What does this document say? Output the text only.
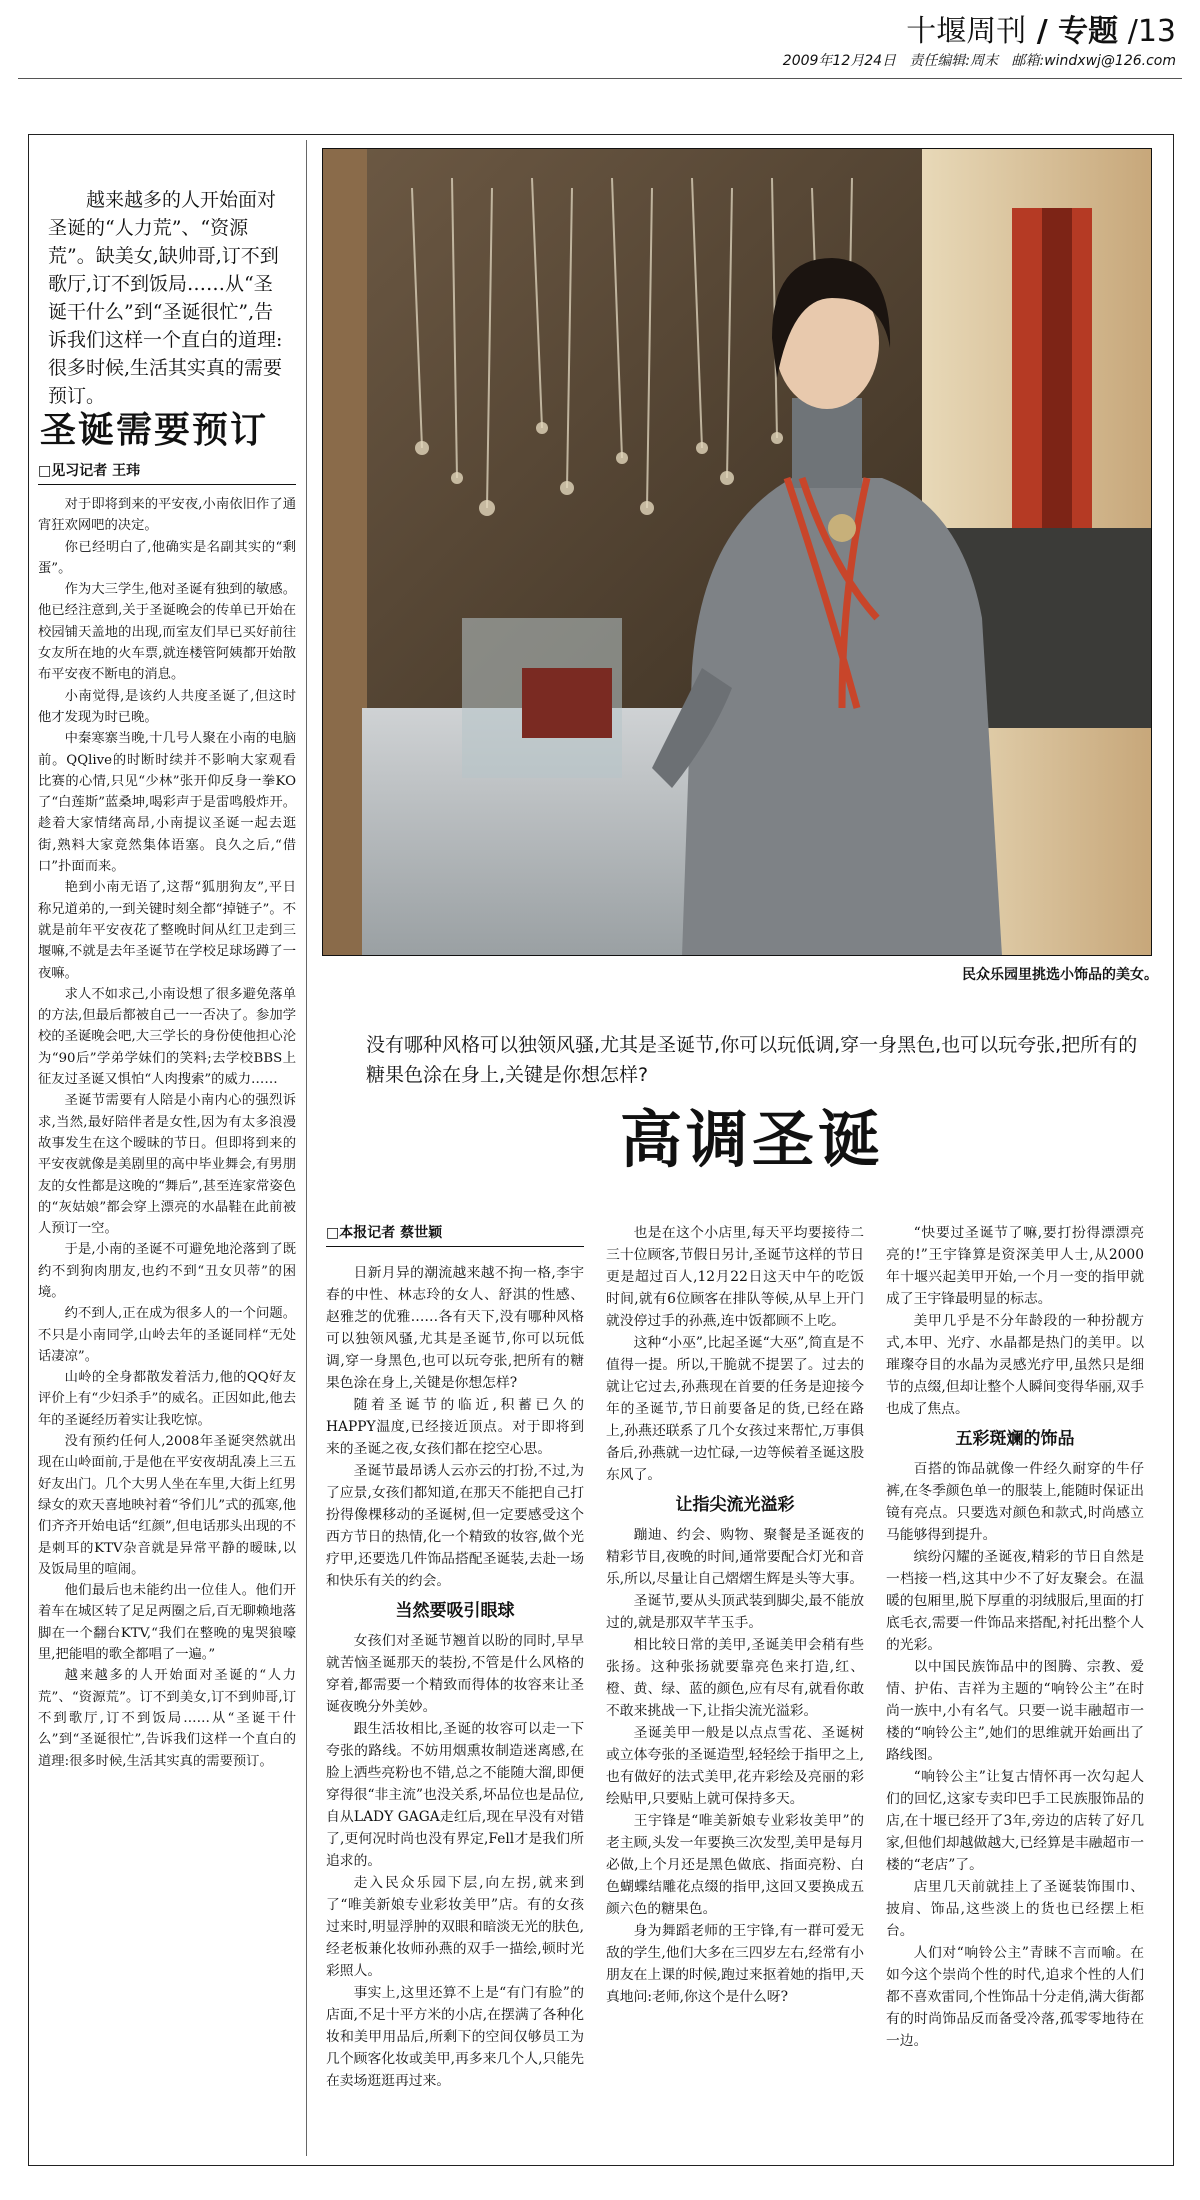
十堰周刊 / 专题 /13
2009年12月24日 责任编辑:周末 邮箱:windxwj@126.com
越来越多的人开始面对圣诞的“人力荒”、“资源荒”。缺美女,缺帅哥,订不到歌厅,订不到饭局……从“圣诞干什么”到“圣诞很忙”,告诉我们这样一个直白的道理:很多时候,生活其实真的需要预订。
圣诞需要预订
□见习记者 王玮

对于即将到来的平安夜,小南依旧作了通宵狂欢网吧的决定。

你已经明白了,他确实是名副其实的“剩蛋”。

作为大三学生,他对圣诞有独到的敏感。他已经注意到,关于圣诞晚会的传单已开始在校园铺天盖地的出现,而室友们早已买好前往女友所在地的火车票,就连楼管阿姨都开始散布平安夜不断电的消息。

小南觉得,是该约人共度圣诞了,但这时他才发现为时已晚。

中秦寒寨当晚,十几号人聚在小南的电脑前。QQlive的时断时续并不影响大家观看比赛的心情,只见“少林”张开仰反身一拳KO了“白莲斯”蓝桑坤,喝彩声于是雷鸣般炸开。趁着大家情绪高昂,小南提议圣诞一起去逛街,熟料大家竟然集体语塞。良久之后,“借口”扑面而来。

艳到小南无语了,这帮“狐朋狗友”,平日称兄道弟的,一到关键时刻全都“掉链子”。不就是前年平安夜花了整晚时间从红卫走到三堰嘛,不就是去年圣诞节在学校足球场蹲了一夜嘛。

求人不如求己,小南设想了很多避免落单的方法,但最后都被自己一一否决了。参加学校的圣诞晚会吧,大三学长的身份使他担心沦为“90后”学弟学妹们的笑料;去学校BBS上征友过圣诞又惧怕“人肉搜索”的威力……

圣诞节需要有人陪是小南内心的强烈诉求,当然,最好陪伴者是女性,因为有太多浪漫故事发生在这个暧昧的节日。但即将到来的平安夜就像是美剧里的高中毕业舞会,有男朋友的女性都是这晚的“舞后”,甚至连家常姿色的“灰姑娘”都会穿上漂亮的水晶鞋在此前被人预订一空。

于是,小南的圣诞不可避免地沦落到了既约不到狗肉朋友,也约不到“丑女贝蒂”的困境。

约不到人,正在成为很多人的一个问题。不只是小南同学,山岭去年的圣诞同样“无处话凄凉”。

山岭的全身都散发着活力,他的QQ好友评价上有“少妇杀手”的威名。正因如此,他去年的圣诞经历着实让我吃惊。

没有预约任何人,2008年圣诞突然就出现在山岭面前,于是他在平安夜胡乱凑上三五好友出门。几个大男人坐在车里,大街上红男绿女的欢天喜地映衬着“爷们儿”式的孤寒,他们齐齐开始电话“红颜”,但电话那头出现的不是刺耳的KTV杂音就是异常平静的暧昧,以及饭局里的喧闹。

他们最后也未能约出一位佳人。他们开着车在城区转了足足两圈之后,百无聊赖地落脚在一个翻台KTV,“我们在整晚的鬼哭狼嚎里,把能唱的歌全都唱了一遍。”

越来越多的人开始面对圣诞的“人力荒”、“资源荒”。订不到美女,订不到帅哥,订不到歌厅,订不到饭局……从“圣诞干什么”到“圣诞很忙”,告诉我们这样一个直白的道理:很多时候,生活其实真的需要预订。

民众乐园里挑选小饰品的美女。
没有哪种风格可以独领风骚,尤其是圣诞节,你可以玩低调,穿一身黑色,也可以玩夸张,把所有的糖果色涂在身上,关键是你想怎样?
高调圣诞
□本报记者 蔡世颖

日新月异的潮流越来越不拘一格,李宇春的中性、林志玲的女人、舒淇的性感、赵雅芝的优雅……各有天下,没有哪种风格可以独领风骚,尤其是圣诞节,你可以玩低调,穿一身黑色,也可以玩夸张,把所有的糖果色涂在身上,关键是你想怎样?

随着圣诞节的临近,积蓄已久的HAPPY温度,已经接近顶点。对于即将到来的圣诞之夜,女孩们都在挖空心思。

圣诞节最昂诱人云亦云的打扮,不过,为了应景,女孩们都知道,在那天不能把自己打扮得像棵移动的圣诞树,但一定要感受这个西方节日的热情,化一个精致的妆容,做个光疗甲,还要选几件饰品搭配圣诞装,去赴一场和快乐有关的约会。

当然要吸引眼球

女孩们对圣诞节翘首以盼的同时,早早就苦恼圣诞那天的装扮,不管是什么风格的穿着,都需要一个精致而得体的妆容来让圣诞夜晚分外美妙。

跟生活妆相比,圣诞的妆容可以走一下夸张的路线。不妨用烟熏妆制造迷离感,在脸上洒些亮粉也不错,总之不能随大溜,即便穿得很“非主流”也没关系,坏品位也是品位,自从LADY GAGA走红后,现在早没有对错了,更何况时尚也没有界定,Fell才是我们所追求的。

走入民众乐园下层,向左拐,就来到了“唯美新娘专业彩妆美甲”店。有的女孩过来时,明显浮肿的双眼和暗淡无光的肤色,经老板兼化妆师孙燕的双手一描绘,顿时光彩照人。

事实上,这里还算不上是“有门有脸”的店面,不足十平方米的小店,在摆满了各种化妆和美甲用品后,所剩下的空间仅够员工为几个顾客化妆或美甲,再多来几个人,只能先在卖场逛逛再过来。

也是在这个小店里,每天平均要接待二三十位顾客,节假日另计,圣诞节这样的节日更是超过百人,12月22日这天中午的吃饭时间,就有6位顾客在排队等候,从早上开门就没停过手的孙燕,连中饭都顾不上吃。

这种“小巫”,比起圣诞“大巫”,简直是不值得一提。所以,干脆就不提罢了。过去的就让它过去,孙燕现在首要的任务是迎接今年的圣诞节,节日前要备足的货,已经在路上,孙燕还联系了几个女孩过来帮忙,万事俱备后,孙燕就一边忙碌,一边等候着圣诞这股东风了。

让指尖流光溢彩

蹦迪、约会、购物、聚餐是圣诞夜的精彩节目,夜晚的时间,通常要配合灯光和音乐,所以,尽量让自己熠熠生辉是头等大事。

圣诞节,要从头顶武装到脚尖,最不能放过的,就是那双芊芊玉手。

相比较日常的美甲,圣诞美甲会稍有些张扬。这种张扬就要靠亮色来打造,红、橙、黄、绿、蓝的颜色,应有尽有,就看你敢不敢来挑战一下,让指尖流光溢彩。

圣诞美甲一般是以点点雪花、圣诞树或立体夸张的圣诞造型,轻轻绘于指甲之上,也有做好的法式美甲,花卉彩绘及亮丽的彩绘贴甲,只要贴上就可保持多天。

王宇锋是“唯美新娘专业彩妆美甲”的老主顾,头发一年要换三次发型,美甲是每月必做,上个月还是黑色做底、指面亮粉、白色蝴蝶结雕花点缀的指甲,这回又要换成五颜六色的糖果色。

身为舞蹈老师的王宇锋,有一群可爱无敌的学生,他们大多在三四岁左右,经常有小朋友在上课的时候,跑过来抠着她的指甲,天真地问:老师,你这个是什么呀?

“快要过圣诞节了嘛,要打扮得漂漂亮亮的!”王宇锋算是资深美甲人士,从2000年十堰兴起美甲开始,一个月一变的指甲就成了王宇锋最明显的标志。

美甲几乎是不分年龄段的一种扮靓方式,本甲、光疗、水晶都是热门的美甲。以璀璨夺目的水晶为灵感光疗甲,虽然只是细节的点缀,但却让整个人瞬间变得华丽,双手也成了焦点。

五彩斑斓的饰品

百搭的饰品就像一件经久耐穿的牛仔裤,在冬季颜色单一的服装上,能随时保证出镜有亮点。只要选对颜色和款式,时尚感立马能够得到提升。

缤纷闪耀的圣诞夜,精彩的节日自然是一档接一档,这其中少不了好友聚会。在温暖的包厢里,脱下厚重的羽绒服后,里面的打底毛衣,需要一件饰品来搭配,衬托出整个人的光彩。

以中国民族饰品中的图腾、宗教、爱情、护佑、吉祥为主题的“响铃公主”在时尚一族中,小有名气。只要一说丰融超市一楼的“响铃公主”,她们的思维就开始画出了路线图。

“响铃公主”让复古情怀再一次勾起人们的回忆,这家专卖印巴手工民族服饰品的店,在十堰已经开了3年,旁边的店转了好几家,但他们却越做越大,已经算是丰融超市一楼的“老店”了。

店里几天前就挂上了圣诞装饰围巾、披肩、饰品,这些淡上的货也已经摆上柜台。

人们对“响铃公主”青睐不言而喻。在如今这个崇尚个性的时代,追求个性的人们都不喜欢雷同,个性饰品十分走俏,满大街都有的时尚饰品反而备受冷落,孤零零地待在一边。
